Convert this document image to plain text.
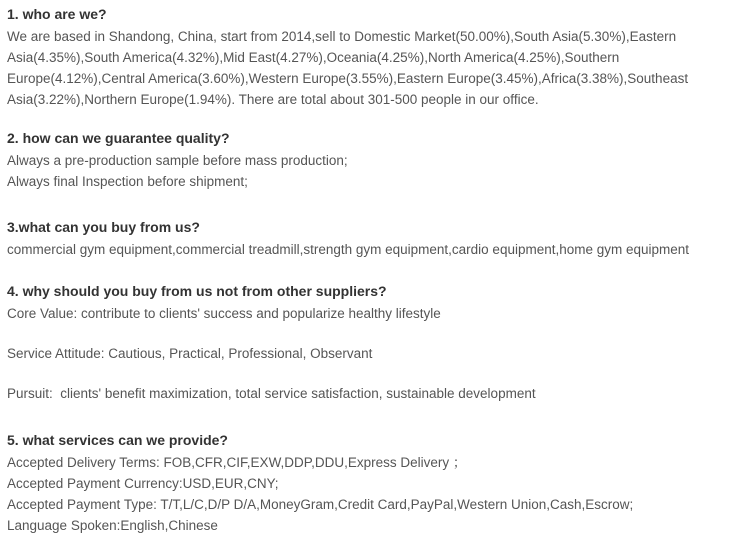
1. who are we?

We are based in Shandong, China, start from 2014,sell to Domestic Market(50.00%),South Asia(5.30%),Eastern Asia(4.35%),South America(4.32%),Mid East(4.27%),Oceania(4.25%),North America(4.25%),Southern Europe(4.12%),Central America(3.60%),Western Europe(3.55%),Eastern Europe(3.45%),Africa(3.38%),Southeast Asia(3.22%),Northern Europe(1.94%). There are total about 301-500 people in our office.

2. how can we guarantee quality?

Always a pre-production sample before mass production;

Always final Inspection before shipment;

3.what can you buy from us?

commercial gym equipment,commercial treadmill,strength gym equipment,cardio equipment,home gym equipment

4. why should you buy from us not from other suppliers?

Core Value: contribute to clients' success and popularize healthy lifestyle

Service Attitude: Cautious, Practical, Professional, Observant

Pursuit:  clients' benefit maximization, total service satisfaction, sustainable development

5. what services can we provide?

Accepted Delivery Terms: FOB,CFR,CIF,EXW,DDP,DDU,Express Delivery ；

Accepted Payment Currency:USD,EUR,CNY;

Accepted Payment Type: T/T,L/C,D/P D/A,MoneyGram,Credit Card,PayPal,Western Union,Cash,Escrow;

Language Spoken:English,Chinese
